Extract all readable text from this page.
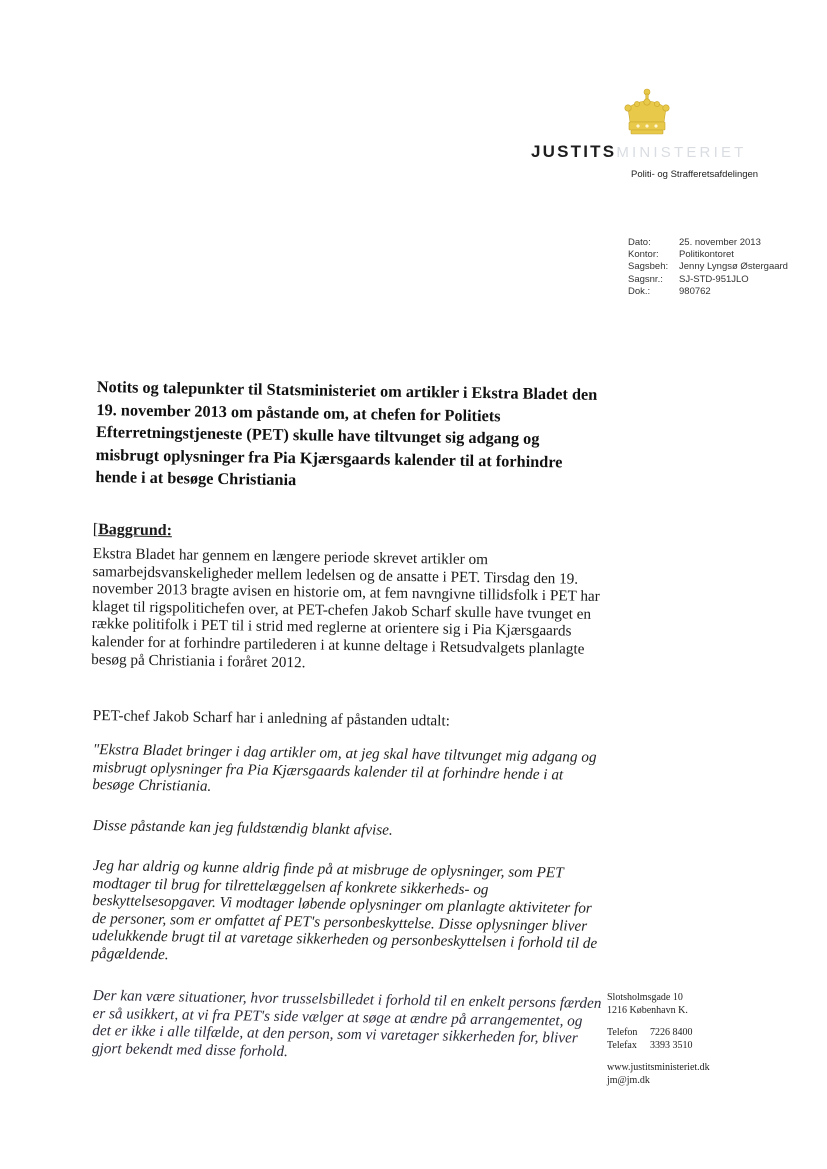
JUSTITSMINISTERIET
Politi- og Strafferetsafdelingen
Dato:	25. november 2013
Kontor:	Politikontoret
Sagsbeh:	Jenny Lyngsø Østergaard
Sagsnr.:	SJ-STD-951JLO
Dok.:	980762
Notits og talepunkter til Statsministeriet om artikler i Ekstra Bladet den 19. november 2013 om påstande om, at chefen for Politiets Efterretningstjeneste (PET) skulle have tiltvunget sig adgang og misbrugt oplysninger fra Pia Kjærsgaards kalender til at forhindre hende i at besøge Christiania
[Baggrund:
Ekstra Bladet har gennem en længere periode skrevet artikler om samarbejdsvanskeligheder mellem ledelsen og de ansatte i PET. Tirsdag den 19. november 2013 bragte avisen en historie om, at fem navngivne tillidsfolk i PET har klaget til rigspolitichefen over, at PET-chefen Jakob Scharf skulle have tvunget en række politifolk i PET til i strid med reglerne at orientere sig i Pia Kjærsgaards kalender for at forhindre partilederen i at kunne deltage i Retsudvalgets planlagte besøg på Christiania i foråret 2012.
PET-chef Jakob Scharf har i anledning af påstanden udtalt:
"Ekstra Bladet bringer i dag artikler om, at jeg skal have tiltvunget mig adgang og misbrugt oplysninger fra Pia Kjærsgaards kalender til at forhindre hende i at besøge Christiania.
Disse påstande kan jeg fuldstændig blankt afvise.
Jeg har aldrig og kunne aldrig finde på at misbruge de oplysninger, som PET modtager til brug for tilrettelæggelsen af konkrete sikkerheds- og beskyttelsesopgaver. Vi modtager løbende oplysninger om planlagte aktiviteter for de personer, som er omfattet af PET's personbeskyttelse. Disse oplysninger bliver udelukkende brugt til at varetage sikkerheden og personbeskyttelsen i forhold til de pågældende.
Der kan være situationer, hvor trusselsbilledet i forhold til en enkelt persons færden er så usikkert, at vi fra PET's side vælger at søge at ændre på arrangementet, og det er ikke i alle tilfælde, at den person, som vi varetager sikkerheden for, bliver gjort bekendt med disse forhold.
Slotsholmsgade 10
1216 København K.
Telefon	7226 8400
Telefax	3393 3510
www.justitsministeriet.dk
jm@jm.dk
